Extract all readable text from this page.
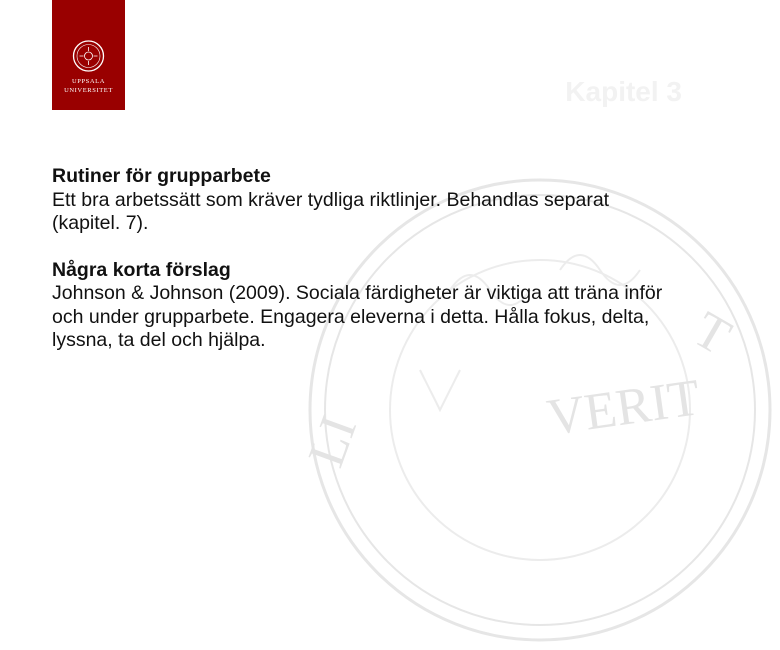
LI	VERIT
T
UPPSALA
UNIVERSITET	Kapitel 3
Rutiner för grupparbete
Ett bra arbetssätt som kräver tydliga riktlinjer. Behandlas separat (kapitel. 7).
Några korta förslag
Johnson & Johnson (2009). Sociala färdigheter är viktiga att träna inför och under grupparbete. Engagera eleverna i detta. Hålla fokus, delta, lyssna, ta del och hjälpa.
